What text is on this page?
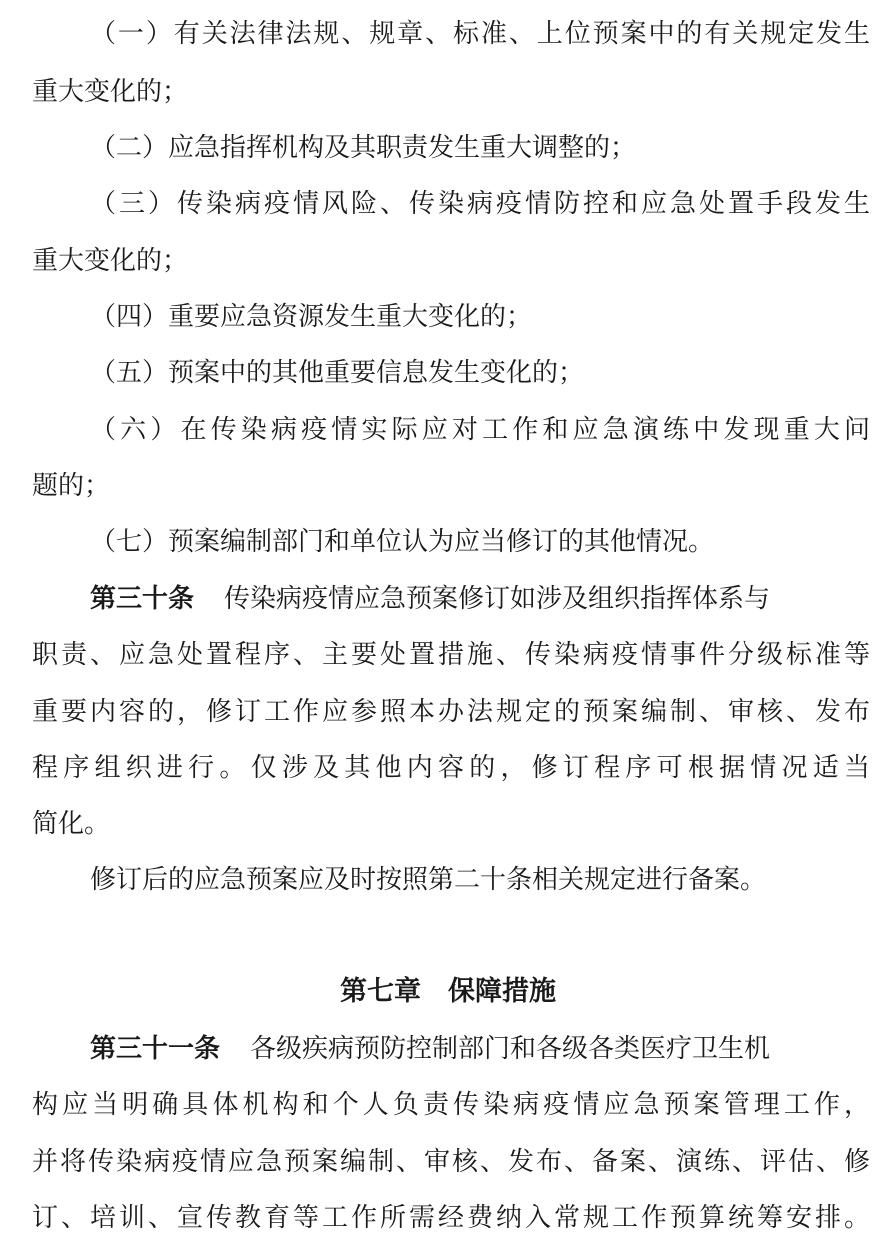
（一）有关法律法规、规章、标准、上位预案中的有关规定发生
重大变化的；
（二）应急指挥机构及其职责发生重大调整的；
（三）传染病疫情风险、传染病疫情防控和应急处置手段发生
重大变化的；
（四）重要应急资源发生重大变化的；
（五）预案中的其他重要信息发生变化的；
（六）在传染病疫情实际应对工作和应急演练中发现重大问
题的；
（七）预案编制部门和单位认为应当修订的其他情况。
第三十条 传染病疫情应急预案修订如涉及组织指挥体系与
职责、应急处置程序、主要处置措施、传染病疫情事件分级标准等
重要内容的，修订工作应参照本办法规定的预案编制、审核、发布
程序组织进行。仅涉及其他内容的，修订程序可根据情况适当
简化。
修订后的应急预案应及时按照第二十条相关规定进行备案。
第七章　保障措施
第三十一条 各级疾病预防控制部门和各级各类医疗卫生机
构应当明确具体机构和个人负责传染病疫情应急预案管理工作，
并将传染病疫情应急预案编制、审核、发布、备案、演练、评估、修
订、培训、宣传教育等工作所需经费纳入常规工作预算统筹安排。
